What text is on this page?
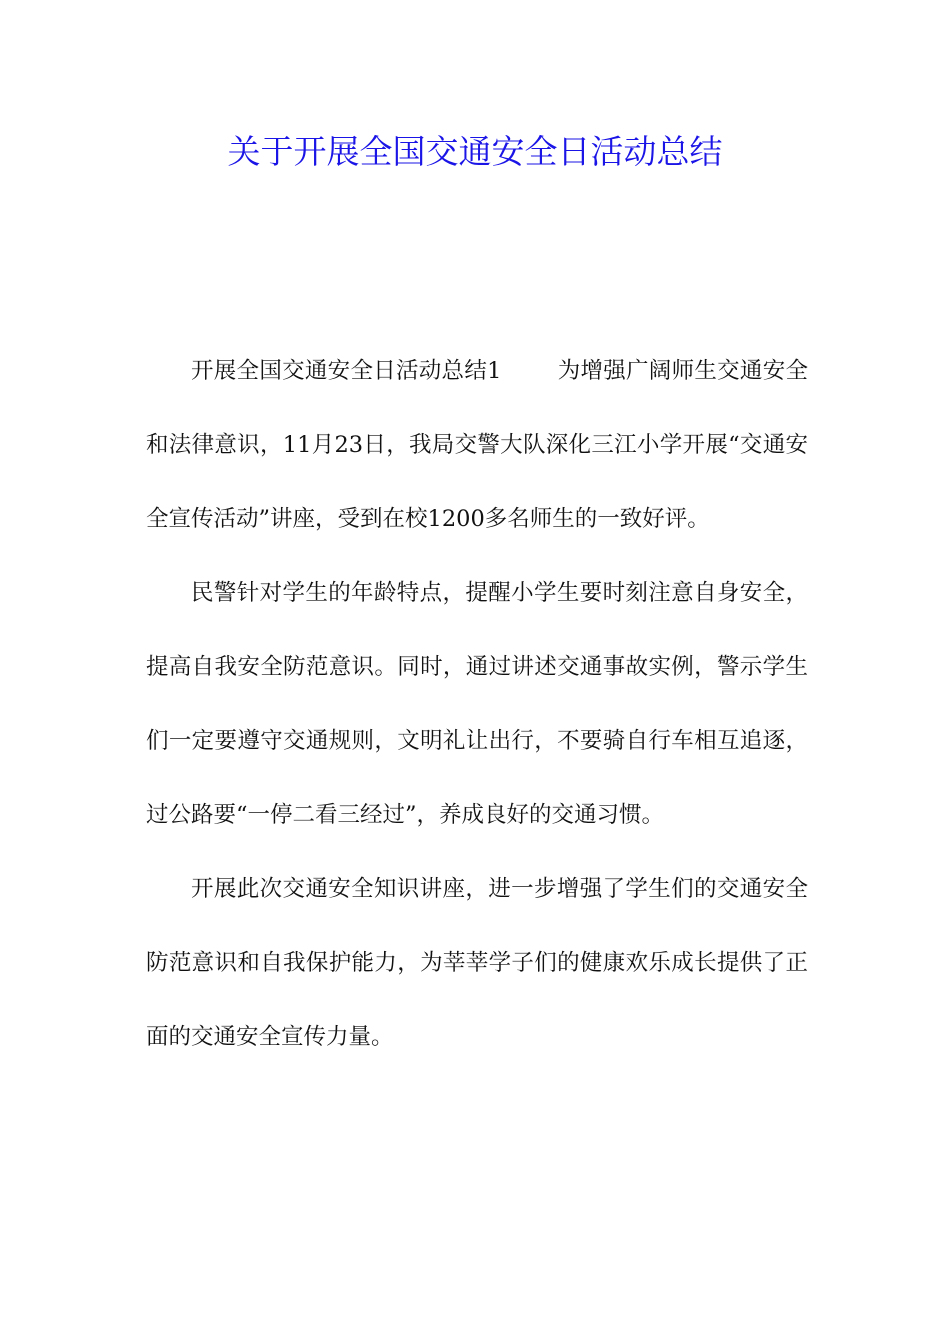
关于开展全国交通安全日活动总结

开展全国交通安全日活动总结1 为增强广阔师生交通安全和法律意识，11月23日，我局交警大队深化三江小学开展“交通安全宣传活动”讲座，受到在校1200多名师生的一致好评。

民警针对学生的年龄特点，提醒小学生要时刻注意自身安全，提高自我安全防范意识。同时，通过讲述交通事故实例，警示学生们一定要遵守交通规则，文明礼让出行，不要骑自行车相互追逐，过公路要“一停二看三经过”，养成良好的交通习惯。

开展此次交通安全知识讲座，进一步增强了学生们的交通安全防范意识和自我保护能力，为莘莘学子们的健康欢乐成长提供了正面的交通安全宣传力量。
